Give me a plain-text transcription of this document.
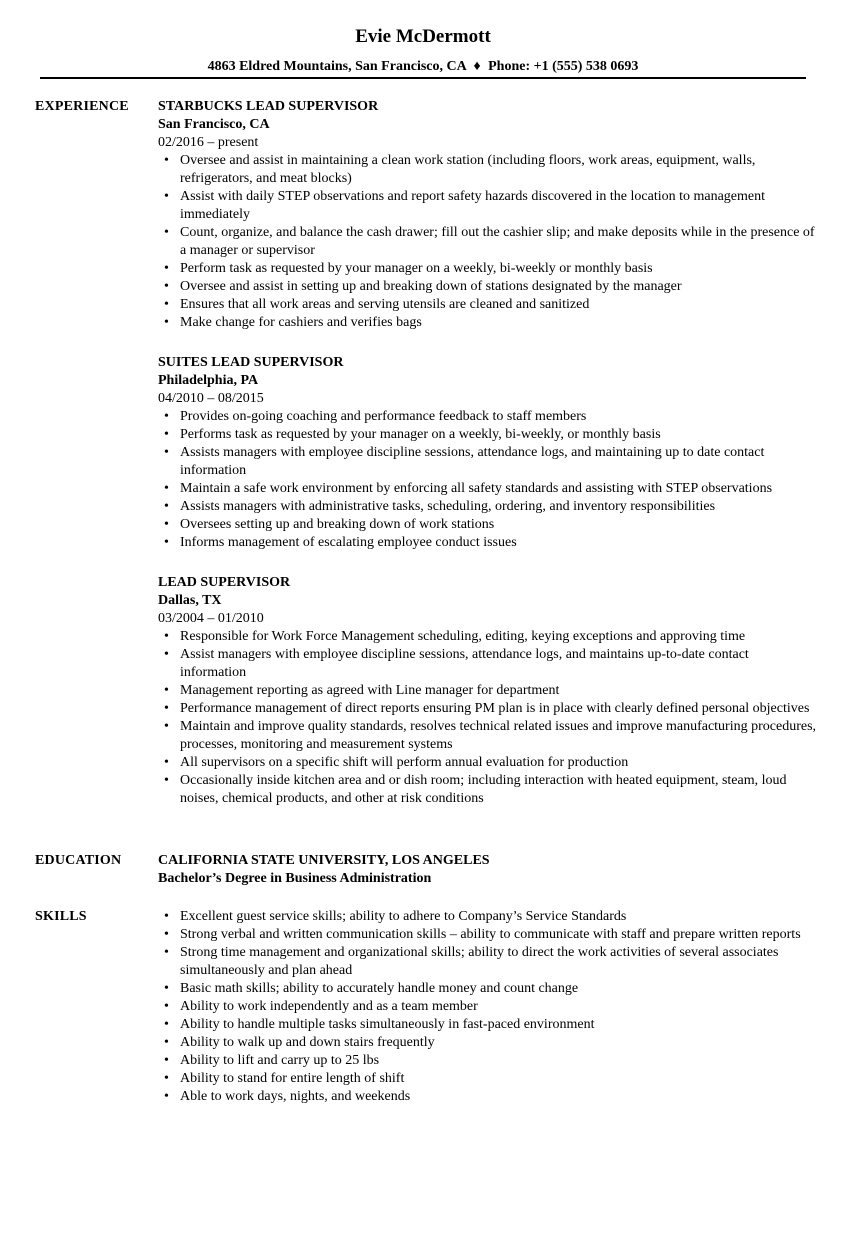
Evie McDermott
4863 Eldred Mountains, San Francisco, CA ♦ Phone: +1 (555) 538 0693
EXPERIENCE STARBUCKS LEAD SUPERVISOR
San Francisco, CA
02/2016 – present
• Oversee and assist in maintaining a clean work station (including floors, work areas, equipment, walls, refrigerators, and meat blocks)
• Assist with daily STEP observations and report safety hazards discovered in the location to management immediately
• Count, organize, and balance the cash drawer; fill out the cashier slip; and make deposits while in the presence of a manager or supervisor
• Perform task as requested by your manager on a weekly, bi-weekly or monthly basis
• Oversee and assist in setting up and breaking down of stations designated by the manager
• Ensures that all work areas and serving utensils are cleaned and sanitized
• Make change for cashiers and verifies bags
SUITES LEAD SUPERVISOR
Philadelphia, PA
04/2010 – 08/2015
• Provides on-going coaching and performance feedback to staff members
• Performs task as requested by your manager on a weekly, bi-weekly, or monthly basis
• Assists managers with employee discipline sessions, attendance logs, and maintaining up to date contact information
• Maintain a safe work environment by enforcing all safety standards and assisting with STEP observations
• Assists managers with administrative tasks, scheduling, ordering, and inventory responsibilities
• Oversees setting up and breaking down of work stations
• Informs management of escalating employee conduct issues
LEAD SUPERVISOR
Dallas, TX
03/2004 – 01/2010
• Responsible for Work Force Management scheduling, editing, keying exceptions and approving time
• Assist managers with employee discipline sessions, attendance logs, and maintains up-to-date contact information
• Management reporting as agreed with Line manager for department
• Performance management of direct reports ensuring PM plan is in place with clearly defined personal objectives
• Maintain and improve quality standards, resolves technical related issues and improve manufacturing procedures, processes, monitoring and measurement systems
• All supervisors on a specific shift will perform annual evaluation for production
• Occasionally inside kitchen area and or dish room; including interaction with heated equipment, steam, loud noises, chemical products, and other at risk conditions
EDUCATION	CALIFORNIA STATE UNIVERSITY, LOS ANGELES
Bachelor’s Degree in Business Administration
SKILLS
•	Excellent guest service skills; ability to adhere to Company’s Service Standards
• Strong verbal and written communication skills – ability to communicate with staff and prepare written reports
• Strong time management and organizational skills; ability to direct the work activities of several associates simultaneously and plan ahead
• Basic math skills; ability to accurately handle money and count change
• Ability to work independently and as a team member
• Ability to handle multiple tasks simultaneously in fast-paced environment
• Ability to walk up and down stairs frequently
• Ability to lift and carry up to 25 lbs
• Ability to stand for entire length of shift
• Able to work days, nights, and weekends
